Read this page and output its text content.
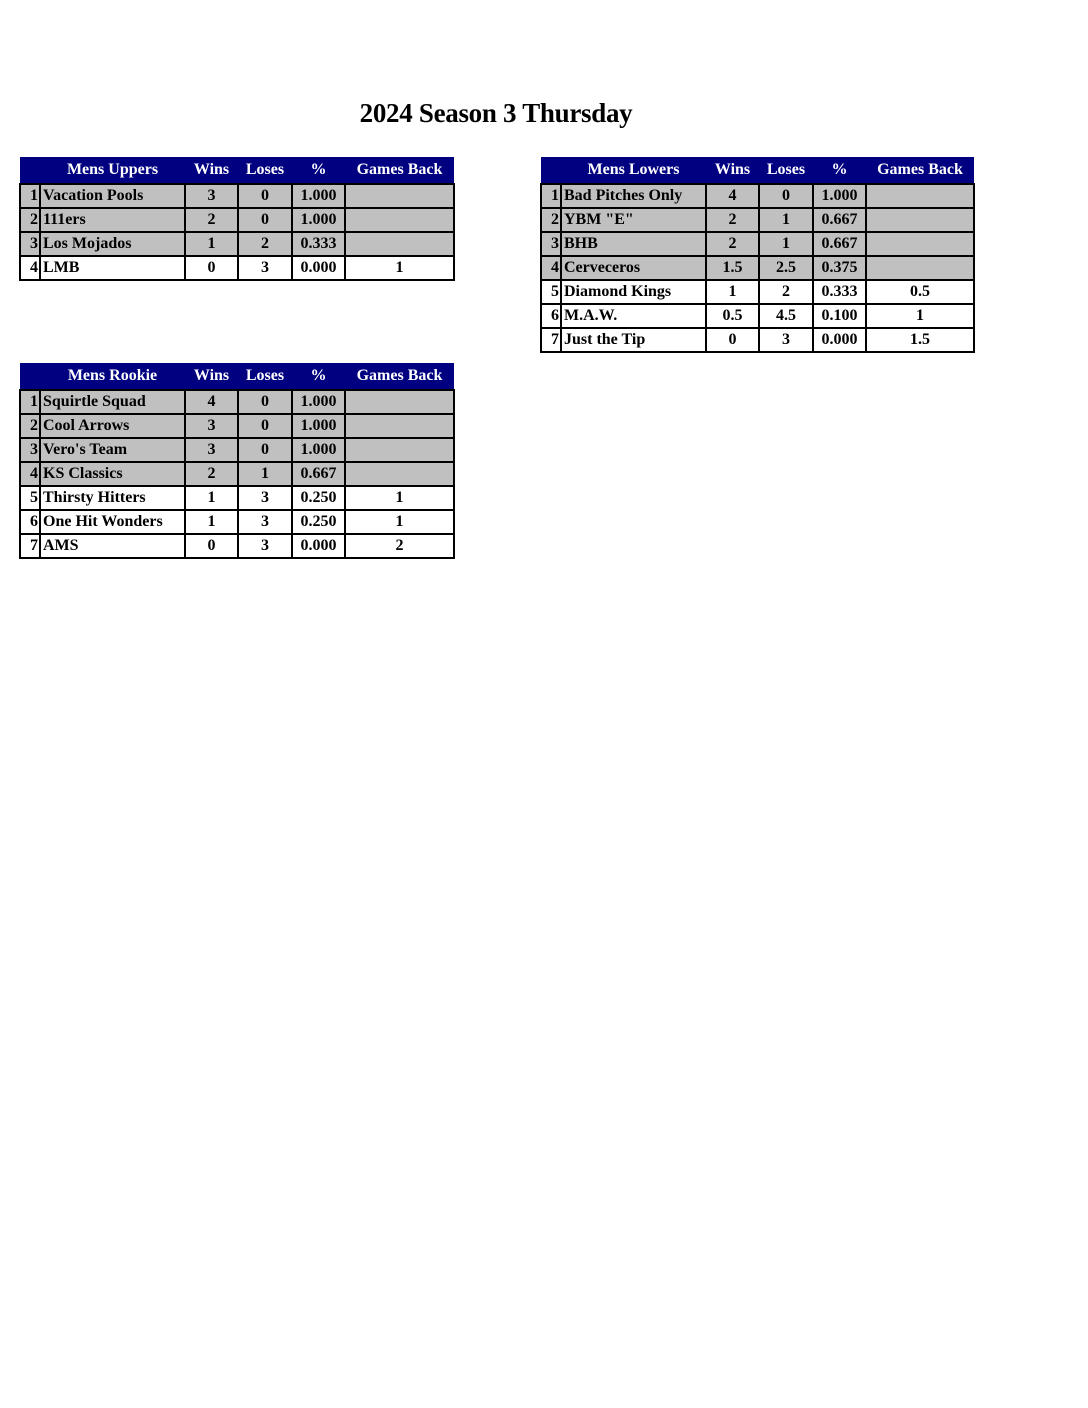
2024 Season 3 Thursday
	Mens Uppers	Wins	Loses	%	Games Back
1	Vacation Pools	3	0	1.000	
2	111ers	2	0	1.000	
3	Los Mojados	1	2	0.333	
4	LMB	0	3	0.000	1
	Mens Lowers	Wins	Loses	%	Games Back
1	Bad Pitches Only	4	0	1.000	
2	YBM "E"	2	1	0.667	
3	BHB	2	1	0.667	
4	Cerveceros	1.5	2.5	0.375	
5	Diamond Kings	1	2	0.333	0.5
6	M.A.W.	0.5	4.5	0.100	1
7	Just the Tip	0	3	0.000	1.5
	Mens Rookie	Wins	Loses	%	Games Back
1	Squirtle Squad	4	0	1.000	
2	Cool Arrows	3	0	1.000	
3	Vero's Team	3	0	1.000	
4	KS Classics	2	1	0.667	
5	Thirsty Hitters	1	3	0.250	1
6	One Hit Wonders	1	3	0.250	1
7	AMS	0	3	0.000	2
